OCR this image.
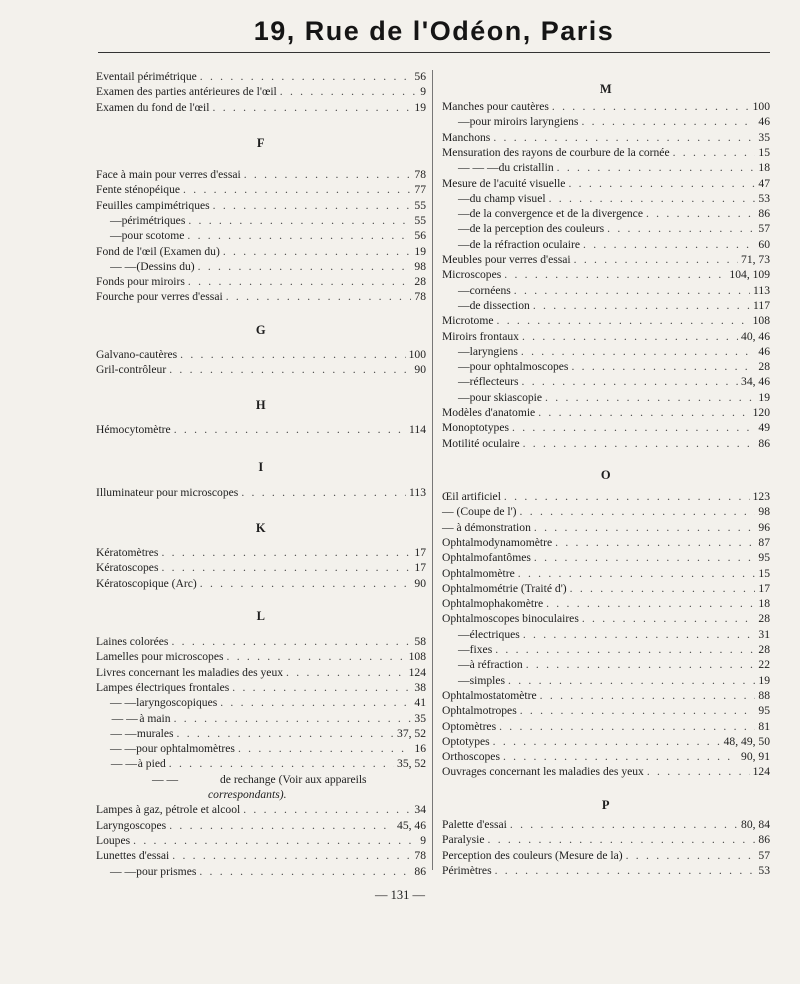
19, Rue de l'Odéon, Paris
Eventail périmétrique . . .	56
Examen des parties antérieures de l'œil . . .	9
Examen du fond de l'œil . . .	19
F
Face à main pour verres d'essai . . .	78
Fente sténopéique . . .	77
Feuilles campimétriques . . .	55
— périmétriques . . .	55
— pour scotome . . .	56
Fond de l'œil (Examen du) . . .	19
— — (Dessins du) . . .	98
Fonds pour miroirs . . .	28
Fourche pour verres d'essai . . .	78
G
Galvano-cautères . . .	100
Gril-contrôleur . . .	90
H
Hémocytomètre . . .	114
I
Illuminateur pour microscopes . . .	113
K
Kératomètres . . .	17
Kératoscopes . . .	17
Kératoscopique (Arc) . . .	90
L
Laines colorées . . .	58
Lamelles pour microscopes . . .	108
Livres concernant les maladies des yeux . . .	124
Lampes électriques frontales . . .	38
— — laryngoscopiques . . .	41
— — à main . . .	35
— — murales . . .	37, 52
— — pour ophtalmomètres . . .	16
— — à pied . . .	35, 52
— —	de rechange (Voir aux appareils
correspondants).
Lampes à gaz, pétrole et alcool . . .	34
Laryngoscopes . . .	45, 46
Loupes . . .	9
Lunettes d'essai . . .	78
— — pour prismes . . .	86
M
Manches pour cautères . . .	100
— pour miroirs laryngiens . . .	46
Manchons . . .	35
Mensuration des rayons de courbure de la cornée . . .	15
— — — du cristallin . . .	18
Mesure de l'acuité visuelle . . .	47
— du champ visuel . . .	53
— de la convergence et de la divergence . . .	86
— de la perception des couleurs . . .	57
— de la réfraction oculaire . . .	60
Meubles pour verres d'essai . . .	71, 73
Microscopes . . .	104, 109
— cornéens . . .	113
— de dissection . . .	117
Microtome . . .	108
Miroirs frontaux . . .	40, 46
— laryngiens . . .	46
— pour ophtalmoscopes . . .	28
— réflecteurs . . .	34, 46
— pour skiascopie . . .	19
Modèles d'anatomie . . .	120
Monoptotypes . . .	49
Motilité oculaire . . .	86
O
Œil artificiel . . .	123
— (Coupe de l') . . .	98
— à démonstration . . .	96
Ophtalmodynamomètre . . .	87
Ophtalmofantômes . . .	95
Ophtalmomètre . . .	15
Ophtalmométrie (Traité d') . . .	17
Ophtalmophakomètre . . .	18
Ophtalmoscopes binoculaires . . .	28
— électriques . . .	31
— fixes . . .	28
— à réfraction . . .	22
— simples . . .	19
Ophtalmostatomètre . . .	88
Ophtalmotropes . . .	95
Optomètres . . .	81
Optotypes . . .	48, 49, 50
Orthoscopes . . .	90, 91
Ouvrages concernant les maladies des yeux . . .	124
P
Palette d'essai . . .	80, 84
Paralysie . . .	86
Perception des couleurs (Mesure de la) . . .	57
Périmètres . . .	53
— 131 —
